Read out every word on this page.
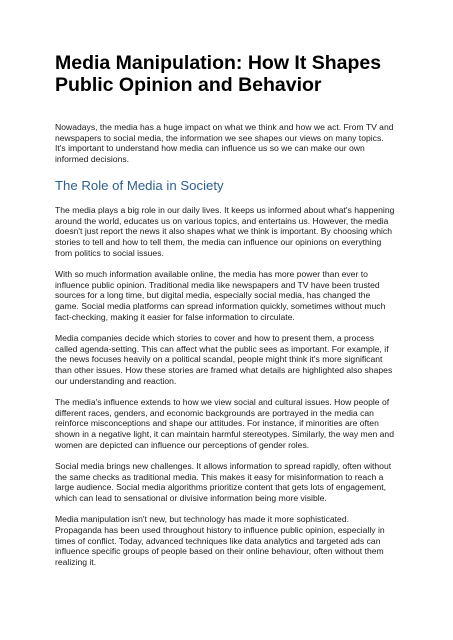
Media Manipulation: How It Shapes Public Opinion and Behavior

Nowadays, the media has a huge impact on what we think and how we act. From TV and newspapers to social media, the information we see shapes our views on many topics. It's important to understand how media can influence us so we can make our own informed decisions.

The Role of Media in Society

The media plays a big role in our daily lives. It keeps us informed about what's happening around the world, educates us on various topics, and entertains us. However, the media doesn't just report the news it also shapes what we think is important. By choosing which stories to tell and how to tell them, the media can influence our opinions on everything from politics to social issues.

With so much information available online, the media has more power than ever to influence public opinion. Traditional media like newspapers and TV have been trusted sources for a long time, but digital media, especially social media, has changed the game. Social media platforms can spread information quickly, sometimes without much fact-checking, making it easier for false information to circulate.

Media companies decide which stories to cover and how to present them, a process called agenda-setting. This can affect what the public sees as important. For example, if the news focuses heavily on a political scandal, people might think it's more significant than other issues. How these stories are framed what details are highlighted also shapes our understanding and reaction.

The media's influence extends to how we view social and cultural issues. How people of different races, genders, and economic backgrounds are portrayed in the media can reinforce misconceptions and shape our attitudes. For instance, if minorities are often shown in a negative light, it can maintain harmful stereotypes. Similarly, the way men and women are depicted can influence our perceptions of gender roles.

Social media brings new challenges. It allows information to spread rapidly, often without the same checks as traditional media. This makes it easy for misinformation to reach a large audience. Social media algorithms prioritize content that gets lots of engagement, which can lead to sensational or divisive information being more visible.

Media manipulation isn't new, but technology has made it more sophisticated. Propaganda has been used throughout history to influence public opinion, especially in times of conflict. Today, advanced techniques like data analytics and targeted ads can influence specific groups of people based on their online behaviour, often without them realizing it.
